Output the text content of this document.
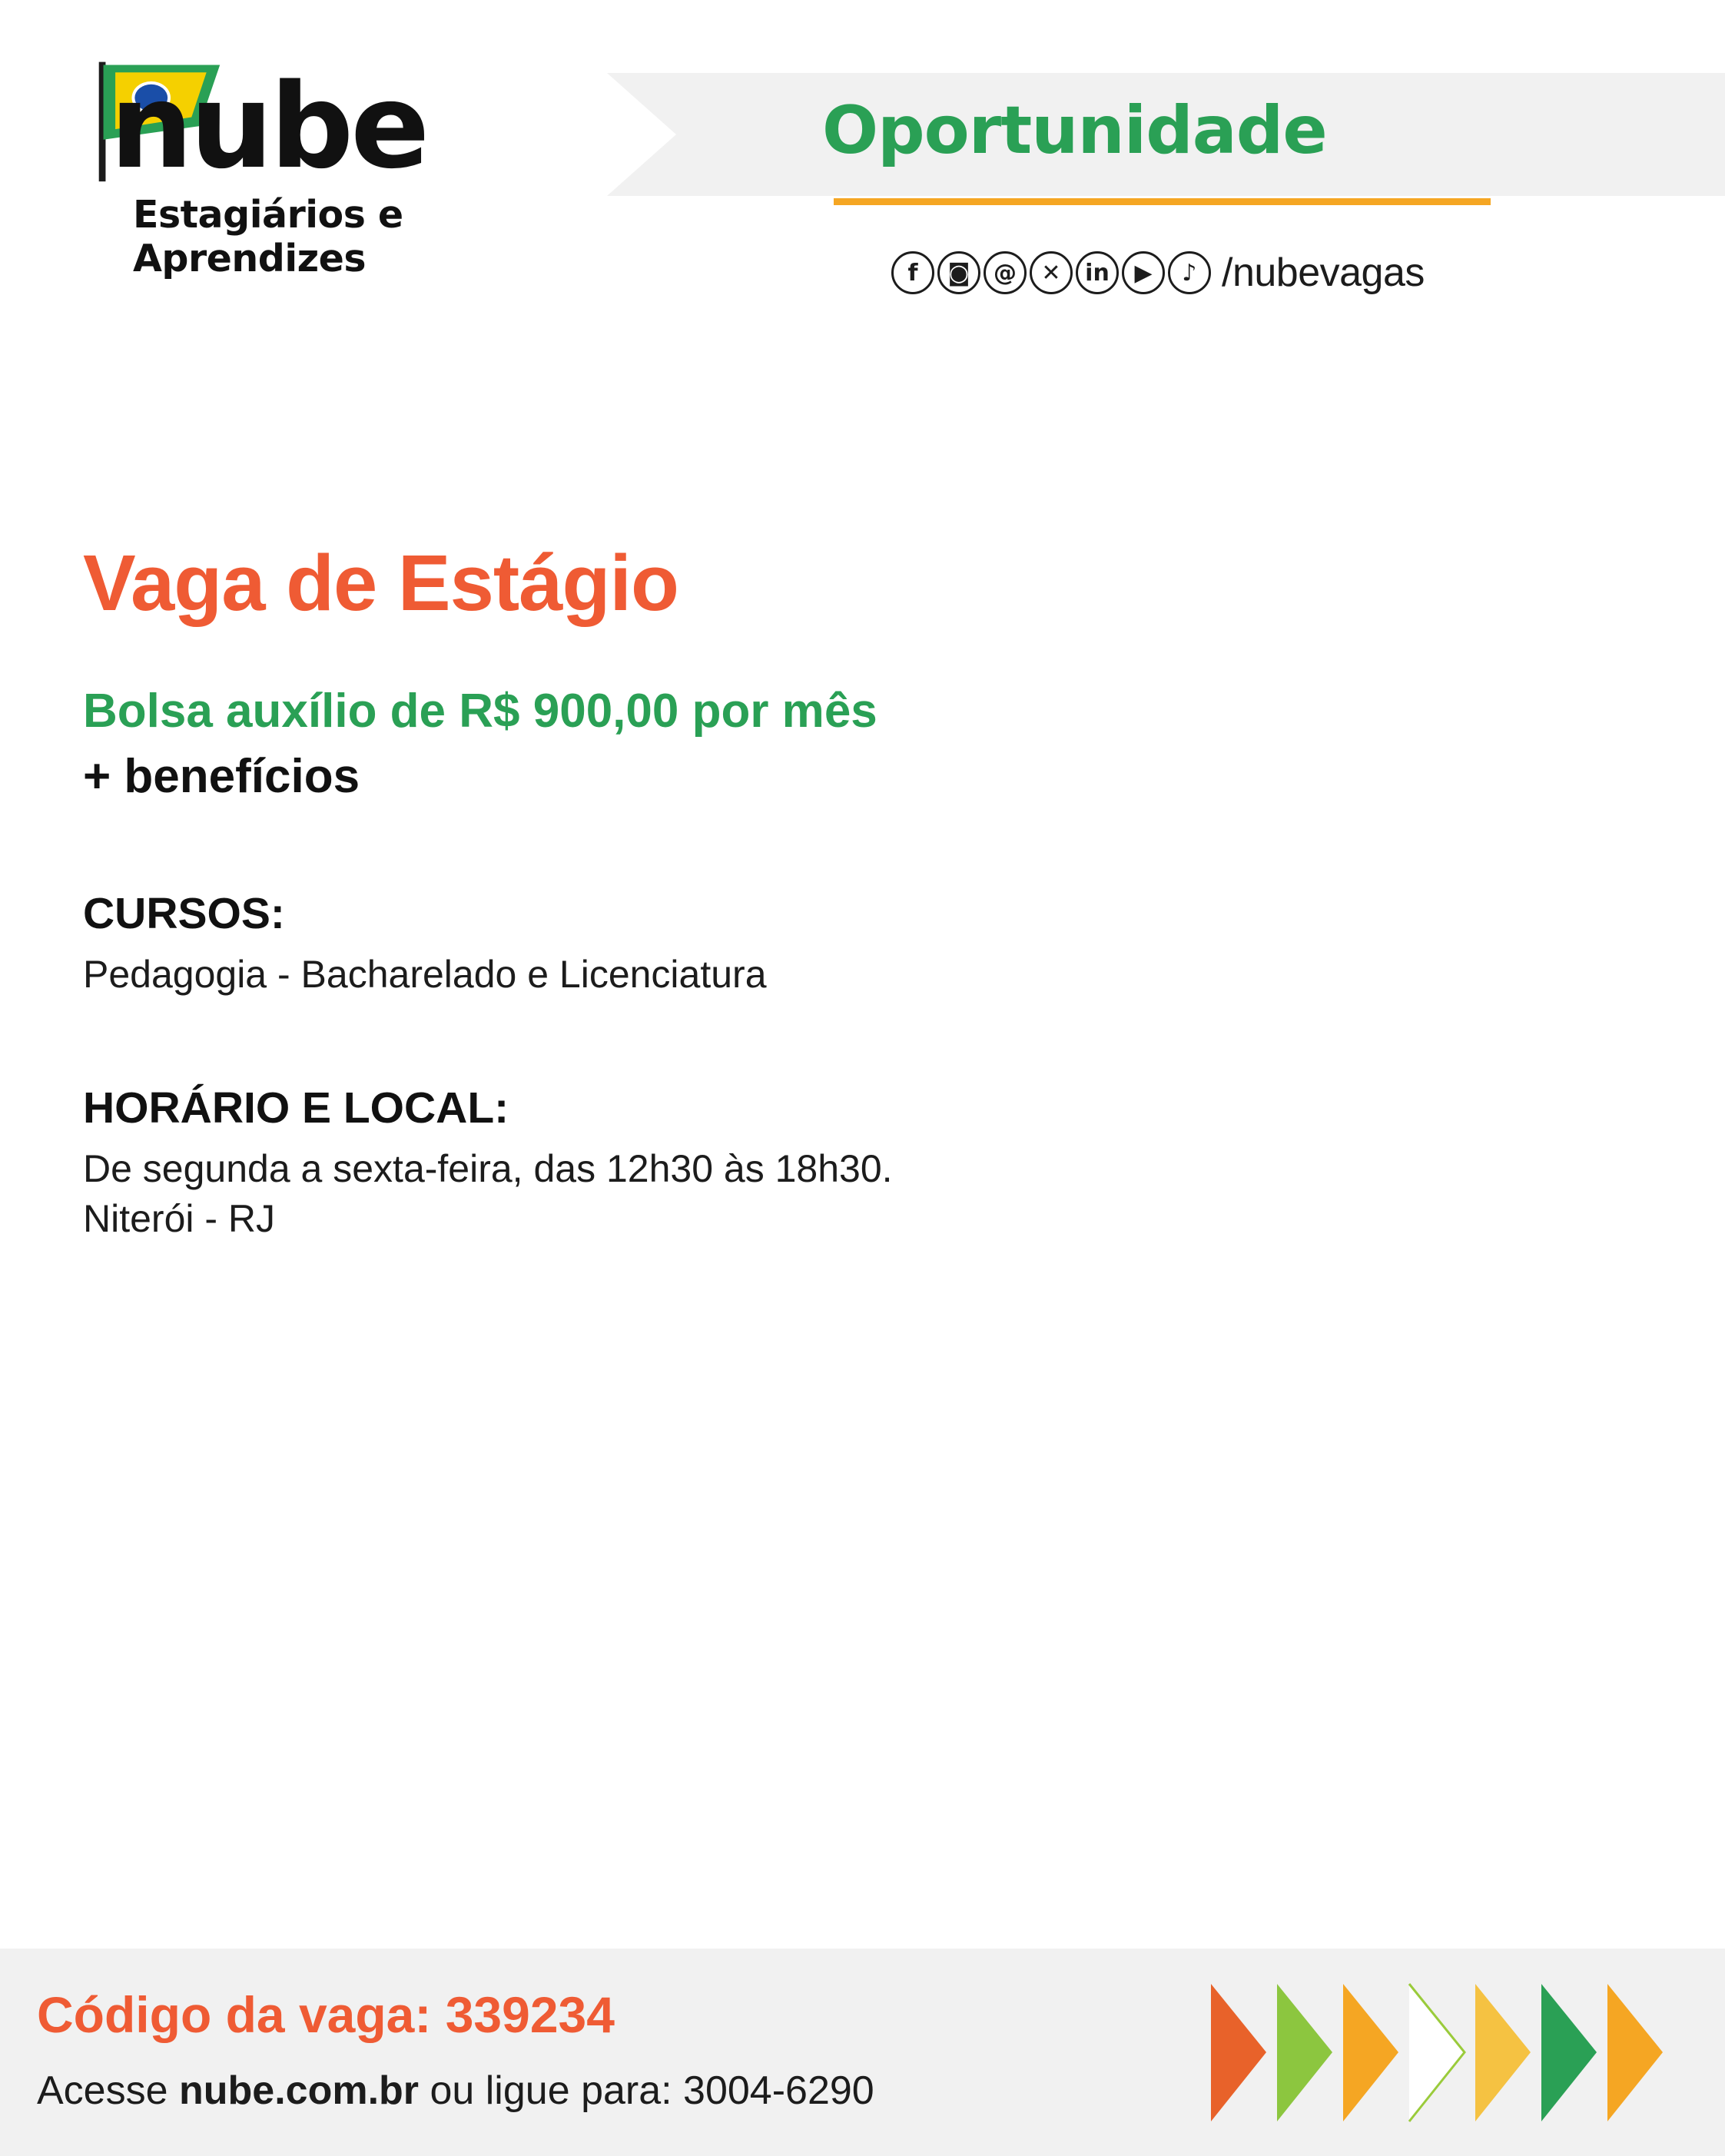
Oportunidade
nube
Estagiários e Aprendizes	f	◙	@	✕	in	▶	♪ /nubevagas
Vaga de Estágio

Bolsa auxílio de R$ 900,00 por mês

+ benefícios

CURSOS:
Pedagogia - Bacharelado e Licenciatura
HORÁRIO E LOCAL:
De segunda a sexta-feira, das 12h30 às 18h30.
Niterói - RJ
Código da vaga: 339234
Acesse nube.com.br ou ligue para: 3004-6290
